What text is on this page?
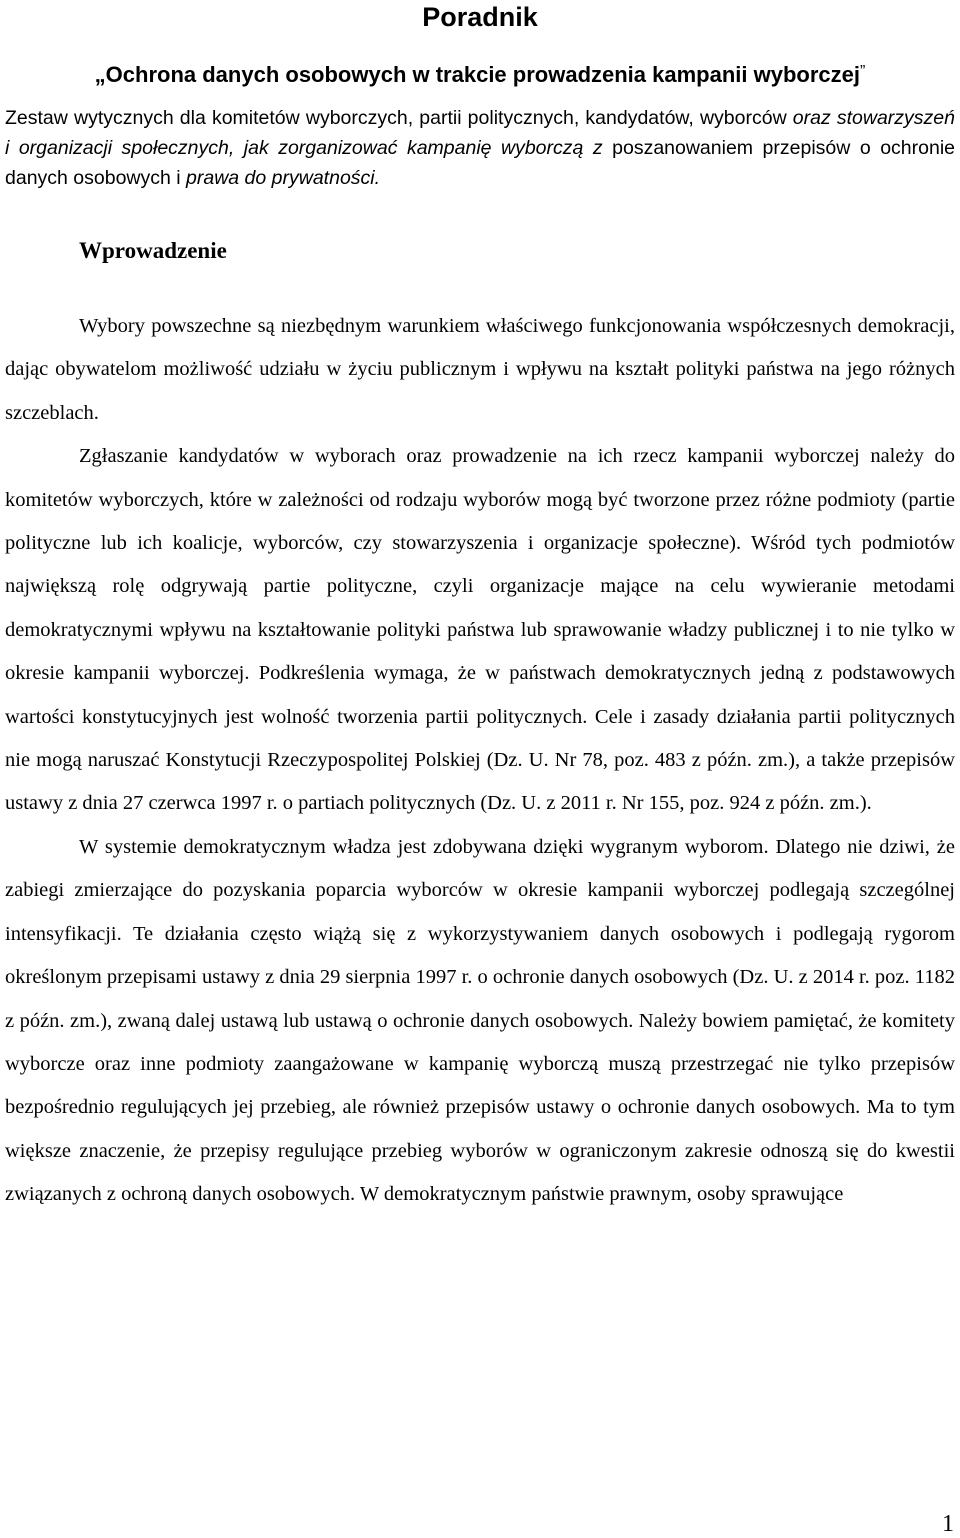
Poradnik
„Ochrona danych osobowych w trakcie prowadzenia kampanii wyborczej”
Zestaw wytycznych dla komitetów wyborczych, partii politycznych, kandydatów, wyborców oraz stowarzyszeń i organizacji społecznych, jak zorganizować kampanię wyborczą z poszanowaniem przepisów o ochronie danych osobowych i prawa do prywatności.
Wprowadzenie

Wybory powszechne są niezbędnym warunkiem właściwego funkcjonowania współczesnych demokracji, dając obywatelom możliwość udziału w życiu publicznym i wpływu na kształt polityki państwa na jego różnych szczeblach.

Zgłaszanie kandydatów w wyborach oraz prowadzenie na ich rzecz kampanii wyborczej należy do komitetów wyborczych, które w zależności od rodzaju wyborów mogą być tworzone przez różne podmioty (partie polityczne lub ich koalicje, wyborców, czy stowarzyszenia i organizacje społeczne). Wśród tych podmiotów największą rolę odgrywają partie polityczne, czyli organizacje mające na celu wywieranie metodami demokratycznymi wpływu na kształtowanie polityki państwa lub sprawowanie władzy publicznej i to nie tylko w okresie kampanii wyborczej. Podkreślenia wymaga, że w państwach demokratycznych jedną z podstawowych wartości konstytucyjnych jest wolność tworzenia partii politycznych. Cele i zasady działania partii politycznych nie mogą naruszać Konstytucji Rzeczypospolitej Polskiej (Dz. U. Nr 78, poz. 483 z późn. zm.), a także przepisów ustawy z dnia 27 czerwca 1997 r. o partiach politycznych (Dz. U. z 2011 r. Nr 155, poz. 924 z późn. zm.).

W systemie demokratycznym władza jest zdobywana dzięki wygranym wyborom. Dlatego nie dziwi, że zabiegi zmierzające do pozyskania poparcia wyborców w okresie kampanii wyborczej podlegają szczególnej intensyfikacji. Te działania często wiążą się z wykorzystywaniem danych osobowych i podlegają rygorom określonym przepisami ustawy z dnia 29 sierpnia 1997 r. o ochronie danych osobowych (Dz. U. z 2014 r. poz. 1182 z późn. zm.), zwaną dalej ustawą lub ustawą o ochronie danych osobowych. Należy bowiem pamiętać, że komitety wyborcze oraz inne podmioty zaangażowane w kampanię wyborczą muszą przestrzegać nie tylko przepisów bezpośrednio regulujących jej przebieg, ale również przepisów ustawy o ochronie danych osobowych. Ma to tym większe znaczenie, że przepisy regulujące przebieg wyborów w ograniczonym zakresie odnoszą się do kwestii związanych z ochroną danych osobowych. W demokratycznym państwie prawnym, osoby sprawujące

1
